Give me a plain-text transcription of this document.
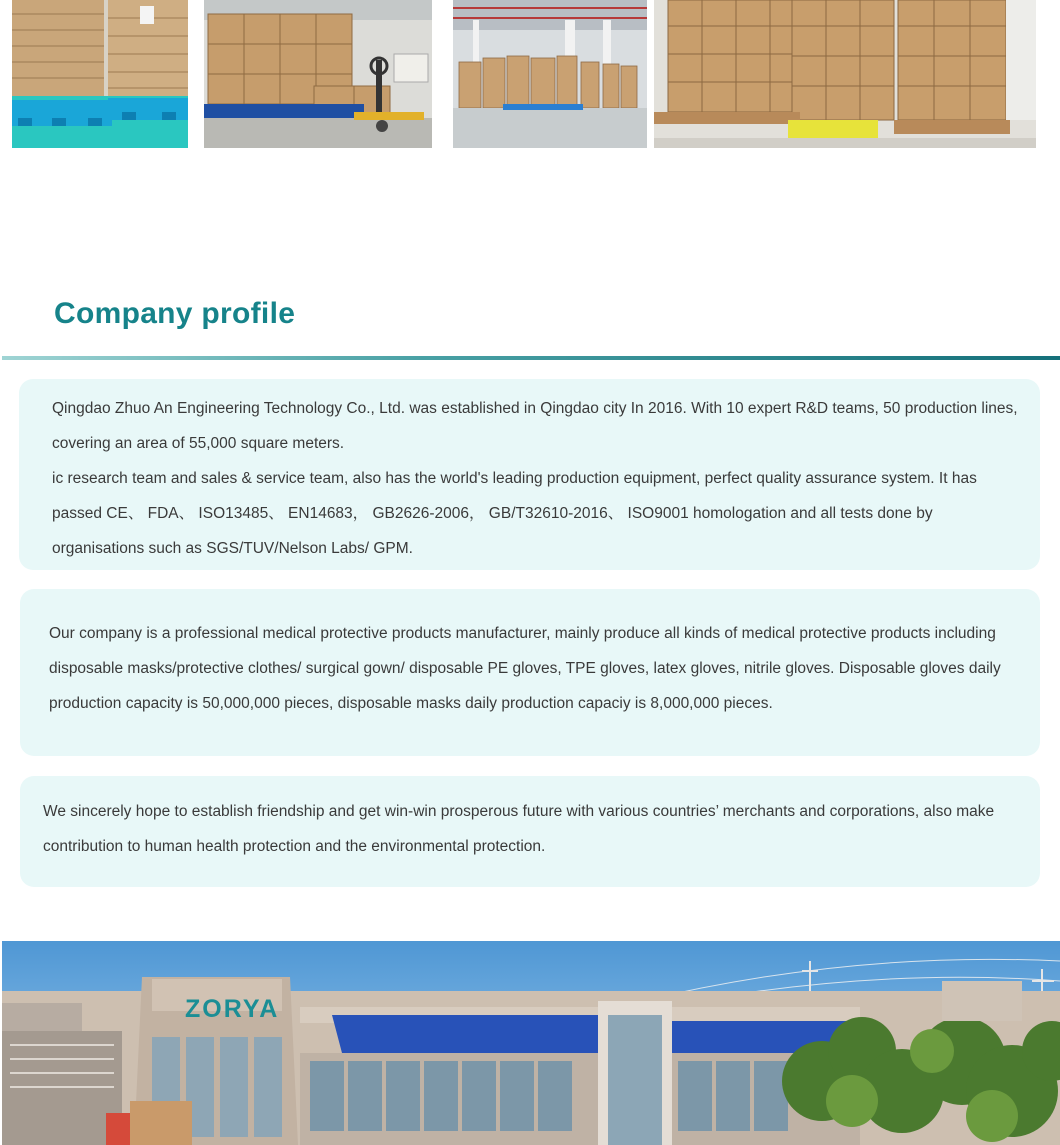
Company profile

Qingdao Zhuo An Engineering Technology Co., Ltd. was established in Qingdao city In 2016. With 10 expert R&D teams, 50 production lines, covering an area of 55,000 square meters.

ic research team and sales & service team, also has the world's leading production equipment, perfect quality assurance system. It has passed CE、 FDA、 ISO13485、 EN14683， GB2626-2006， GB/T32610-2016、 ISO9001 homologation and all tests done by organisations such as SGS/TUV/Nelson Labs/ GPM.

Our company is a professional medical protective products manufacturer, mainly produce all kinds of medical protective products including disposable masks/protective clothes/ surgical gown/ disposable PE gloves, TPE gloves, latex gloves, nitrile gloves. Disposable gloves daily production capacity is 50,000,000 pieces, disposable masks daily production capaciy is 8,000,000 pieces.

We sincerely hope to establish friendship and get win-win prosperous future with various countries’ merchants and corporations, also make contribution to human health protection and the environmental protection.

ZORYA
